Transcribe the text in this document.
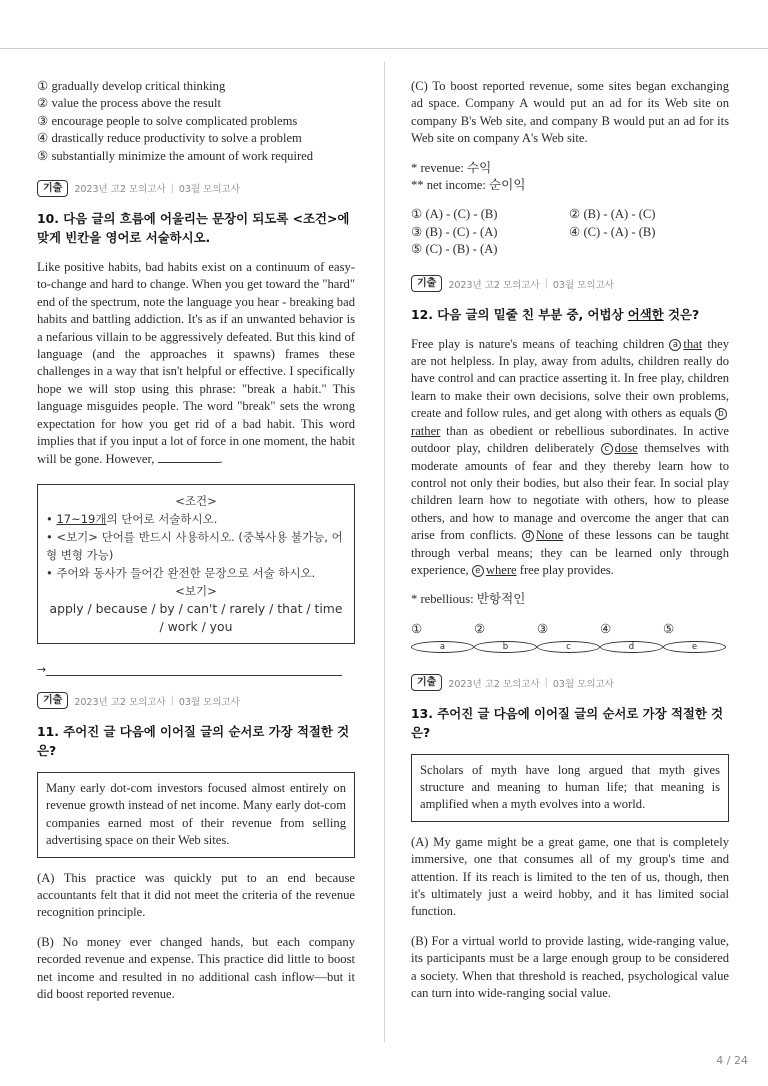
① gradually develop critical thinking
② value the process above the result
③ encourage people to solve complicated problems
④ drastically reduce productivity to solve a problem
⑤ substantially minimize the amount of work required
기출	2023년 고2 모의고사 | 03월 모의고사
10. 다음 글의 흐름에 어울리는 문장이 되도록 <조건>에 맞게 빈칸을 영어로 서술하시오.
Like positive habits, bad habits exist on a continuum of easy-to-change and hard to change. When you get toward the "hard" end of the spectrum, note the language you hear - breaking bad habits and battling addiction. It's as if an unwanted behavior is a nefarious villain to be aggressively defeated. But this kind of language (and the approaches it spawns) frames these challenges in a way that isn't helpful or effective. I specifically hope we will stop using this phrase: "break a habit." This language misguides people. The word "break" sets the wrong expectation for how you get rid of a bad habit. This word implies that if you input a lot of force in one moment, the habit will be gone. However,	.
<조건>
• 17~19개의 단어로 서술하시오.
• <보기> 단어를 반드시 사용하시오. (중복사용 불가능, 어형 변형 가능)
• 주어와 동사가 들어간 완전한 문장으로 서술 하시오.
<보기>
apply / because / by / can't / rarely / that / time / work / you
→
기출	2023년 고2 모의고사 | 03월 모의고사
11. 주어진 글 다음에 이어질 글의 순서로 가장 적절한 것은?
Many early dot-com investors focused almost entirely on revenue growth instead of net income. Many early dot-com companies earned most of their revenue from selling advertising space on their Web sites.
(A) This practice was quickly put to an end because accountants felt that it did not meet the criteria of the revenue recognition principle.
(B) No money ever changed hands, but each company recorded revenue and expense. This practice did little to boost net income and resulted in no additional cash inflow—but it did boost reported revenue.
(C) To boost reported revenue, some sites began exchanging ad space. Company A would put an ad for its Web site on company B's Web site, and company B would put an ad for its Web site on company A's Web site.
* revenue: 수익
** net income: 순이익
① (A) - (C) - (B)	② (B) - (A) - (C)
③ (B) - (C) - (A)	④ (C) - (A) - (B)
⑤ (C) - (B) - (A)
기출	2023년 고2 모의고사 | 03월 모의고사
12. 다음 글의 밑줄 친 부분 중, 어법상 어색한 것은?
Free play is nature's means of teaching children a that they are not helpless. In play, away from adults, children really do have control and can practice asserting it. In free play, children learn to make their own decisions, solve their own problems, create and follow rules, and get along with others as equals brather than as obedient or rebellious subordinates. In active outdoor play, children deliberately c dose themselves with moderate amounts of fear and they thereby learn how to control not only their bodies, but also their fear. In social play children learn how to negotiate with others, how to please others, and how to manage and overcome the anger that can arise from conflicts. d None of these lessons can be taught through verbal means; they can be learned only through experience, e where free play provides.
* rebellious: 반항적인
① a
② b
③ c
④ d
⑤ e
기출	2023년 고2 모의고사 | 03월 모의고사
13. 주어진 글 다음에 이어질 글의 순서로 가장 적절한 것은?
Scholars of myth have long argued that myth gives structure and meaning to human life; that meaning is amplified when a myth evolves into a world.
(A) My game might be a great game, one that is completely immersive, one that consumes all of my group's time and attention. If its reach is limited to the ten of us, though, then it's ultimately just a weird hobby, and it has limited social function.
(B) For a virtual world to provide lasting, wide-ranging value, its participants must be a large enough group to be considered a society. When that threshold is reached, psychological value can turn into wide-ranging social value.
4 / 24
